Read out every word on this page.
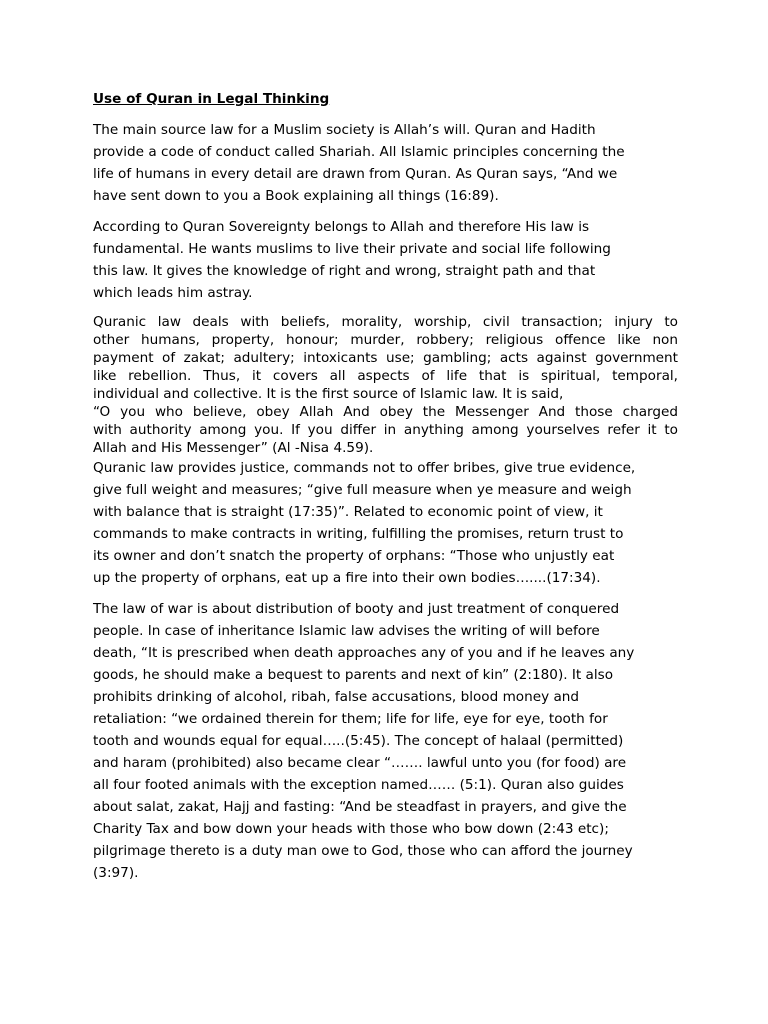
Use of Quran in Legal Thinking
The main source law for a Muslim society is Allah’s will. Quran and Hadith
provide a code of conduct called Shariah. All Islamic principles concerning the
life of humans in every detail are drawn from Quran. As Quran says, “And we
have sent down to you a Book explaining all things (16:89).
According to Quran Sovereignty belongs to Allah and therefore His law is
fundamental. He wants muslims to live their private and social life following
this law. It gives the knowledge of right and wrong, straight path and that
which leads him astray.
Quranic law deals with beliefs, morality, worship, civil transaction; injury to
other humans, property, honour; murder, robbery; religious offence like non
payment of zakat; adultery; intoxicants use; gambling; acts against government
like rebellion. Thus, it covers all aspects of life that is spiritual, temporal,
individual and collective. It is the first source of Islamic law. It is said,
“O you who believe, obey Allah And obey the Messenger And those charged
with authority among you. If you differ in anything among yourselves refer it to
Allah and His Messenger” (Al -Nisa 4.59).
Quranic law provides justice, commands not to offer bribes, give true evidence,
give full weight and measures; “give full measure when ye measure and weigh
with balance that is straight (17:35)”. Related to economic point of view, it
commands to make contracts in writing, fulfilling the promises, return trust to
its owner and don’t snatch the property of orphans: “Those who unjustly eat
up the property of orphans, eat up a fire into their own bodies…....(17:34).
The law of war is about distribution of booty and just treatment of conquered
people. In case of inheritance Islamic law advises the writing of will before
death, “It is prescribed when death approaches any of you and if he leaves any
goods, he should make a bequest to parents and next of kin” (2:180). It also
prohibits drinking of alcohol, ribah, false accusations, blood money and
retaliation: “we ordained therein for them; life for life, eye for eye, tooth for
tooth and wounds equal for equal…..(5:45). The concept of halaal (permitted)
and haram (prohibited) also became clear “……. lawful unto you (for food) are
all four footed animals with the exception named…… (5:1). Quran also guides
about salat, zakat, Hajj and fasting: “And be steadfast in prayers, and give the
Charity Tax and bow down your heads with those who bow down (2:43 etc);
pilgrimage thereto is a duty man owe to God, those who can afford the journey
(3:97).
